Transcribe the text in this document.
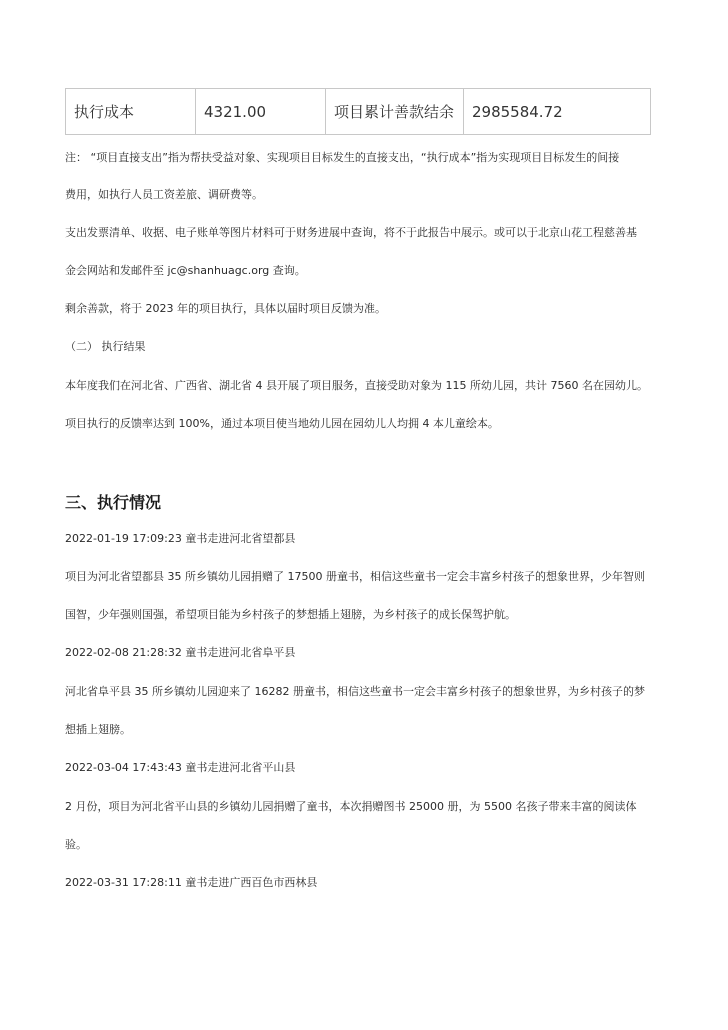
执行成本	4321.00	项目累计善款结余	2985584.72
注： “项目直接支出”指为帮扶受益对象、实现项目目标发生的直接支出，“执行成本”指为实现项目目标发生的间接
费用，如执行人员工资差旅、调研费等。
支出发票清单、收据、电子账单等图片材料可于财务进展中查询，将不于此报告中展示。或可以于北京山花工程慈善基
金会网站和发邮件至 jc@shanhuagc.org 查询。
剩余善款，将于 2023 年的项目执行，具体以届时项目反馈为准。
（二） 执行结果
本年度我们在河北省、广西省、湖北省 4 县开展了项目服务，直接受助对象为 115 所幼儿园，共计 7560 名在园幼儿。
项目执行的反馈率达到 100%，通过本项目使当地幼儿园在园幼儿人均拥 4 本儿童绘本。
三、执行情况
2022-01-19 17:09:23 童书走进河北省望都县
项目为河北省望都县 35 所乡镇幼儿园捐赠了 17500 册童书，相信这些童书一定会丰富乡村孩子的想象世界，少年智则
国智，少年强则国强，希望项目能为乡村孩子的梦想插上翅膀，为乡村孩子的成长保驾护航。
2022-02-08 21:28:32 童书走进河北省阜平县
河北省阜平县 35 所乡镇幼儿园迎来了 16282 册童书，相信这些童书一定会丰富乡村孩子的想象世界，为乡村孩子的梦
想插上翅膀。
2022-03-04 17:43:43 童书走进河北省平山县
2 月份，项目为河北省平山县的乡镇幼儿园捐赠了童书，本次捐赠图书 25000 册，为 5500 名孩子带来丰富的阅读体
验。
2022-03-31 17:28:11 童书走进广西百色市西林县
